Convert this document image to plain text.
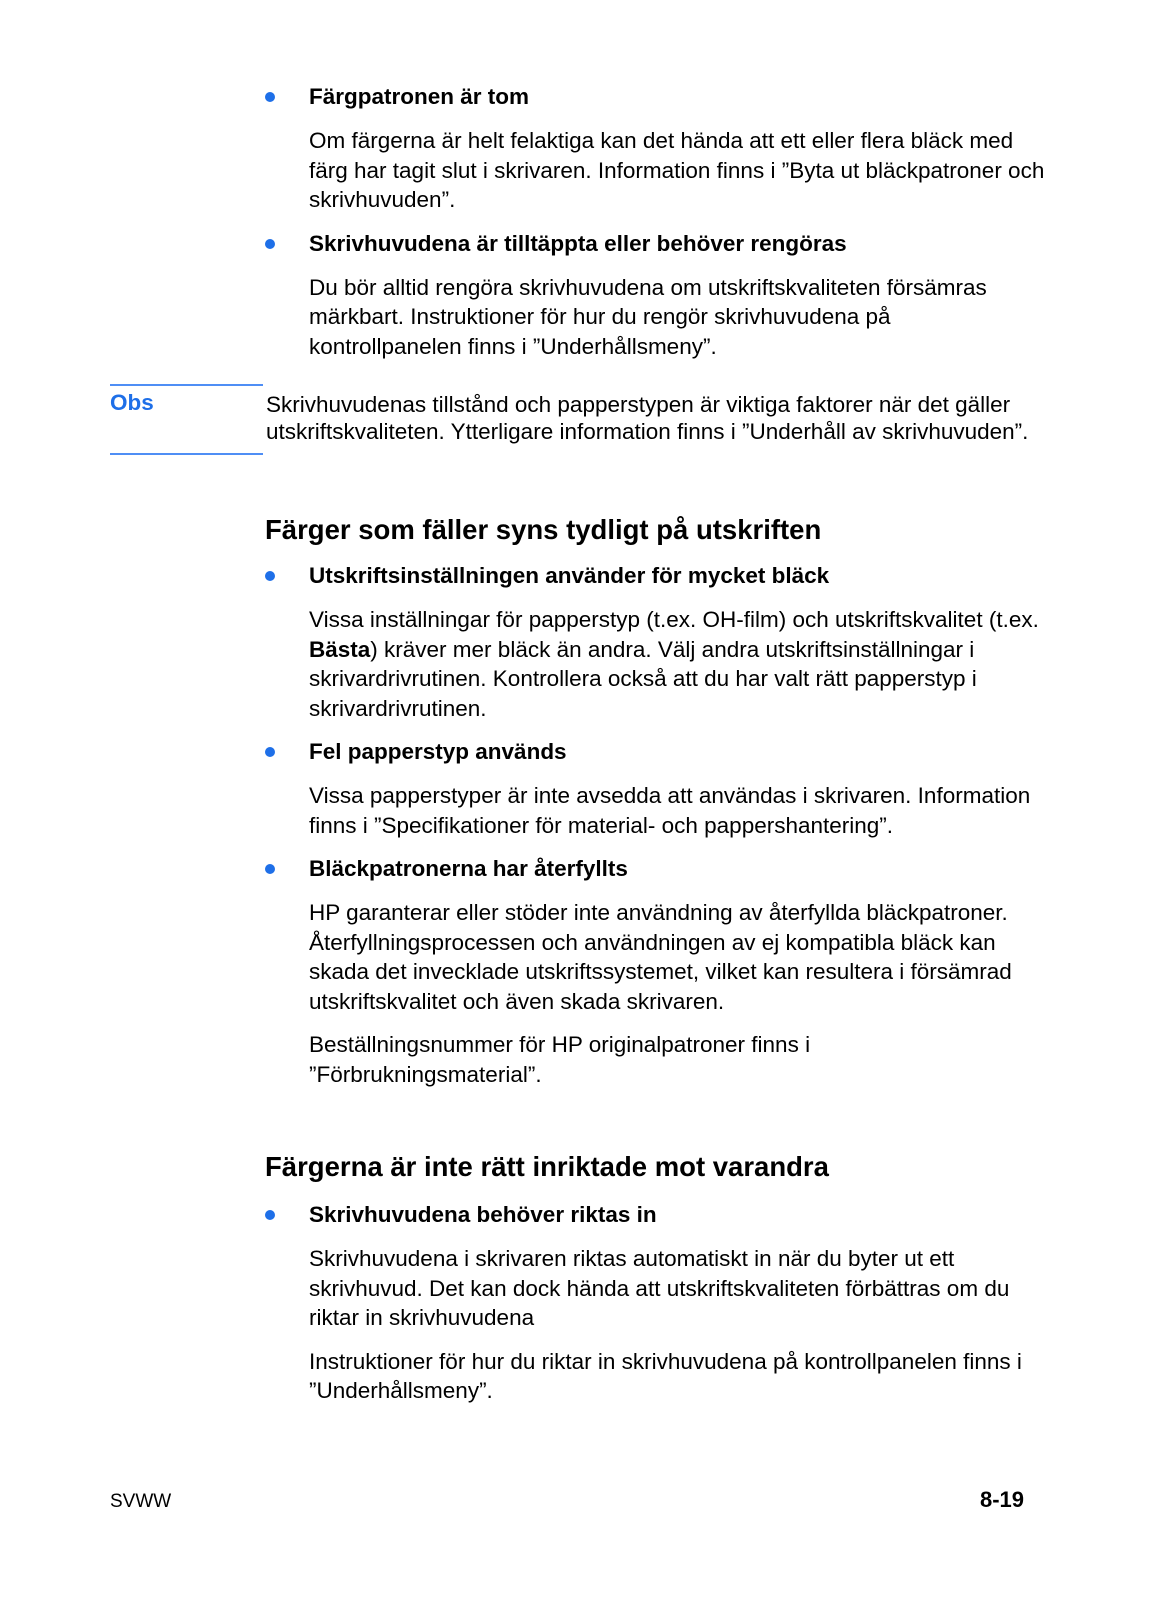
Färgpatronen är tom
Om färgerna är helt felaktiga kan det hända att ett eller flera bläck med färg har tagit slut i skrivaren. Information finns i ”Byta ut bläckpatroner och skrivhuvuden”.
Skrivhuvudena är tilltäppta eller behöver rengöras
Du bör alltid rengöra skrivhuvudena om utskriftskvaliteten försämras märkbart. Instruktioner för hur du rengör skrivhuvudena på kontrollpanelen finns i ”Underhållsmeny”.
Obs	Skrivhuvudenas tillstånd och papperstypen är viktiga faktorer när det gäller utskriftskvaliteten. Ytterligare information finns i ”Underhåll av skrivhuvuden”.
Färger som fäller syns tydligt på utskriften
Utskriftsinställningen använder för mycket bläck
Vissa inställningar för papperstyp (t.ex. OH-film) och utskriftskvalitet (t.ex. Bästa) kräver mer bläck än andra. Välj andra utskriftsinställningar i skrivardrivrutinen. Kontrollera också att du har valt rätt papperstyp i skrivardrivrutinen.
Fel papperstyp används
Vissa papperstyper är inte avsedda att användas i skrivaren. Information finns i ”Specifikationer för material- och pappershantering”.
Bläckpatronerna har återfyllts
HP garanterar eller stöder inte användning av återfyllda bläckpatroner. Återfyllningsprocessen och användningen av ej kompatibla bläck kan skada det invecklade utskriftssystemet, vilket kan resultera i försämrad utskriftskvalitet och även skada skrivaren.
Beställningsnummer för HP originalpatroner finns i ”Förbrukningsmaterial”.
Färgerna är inte rätt inriktade mot varandra
Skrivhuvudena behöver riktas in
Skrivhuvudena i skrivaren riktas automatiskt in när du byter ut ett skrivhuvud. Det kan dock hända att utskriftskvaliteten förbättras om du riktar in skrivhuvudena
Instruktioner för hur du riktar in skrivhuvudena på kontrollpanelen finns i ”Underhållsmeny”.
SVWW	8-19
